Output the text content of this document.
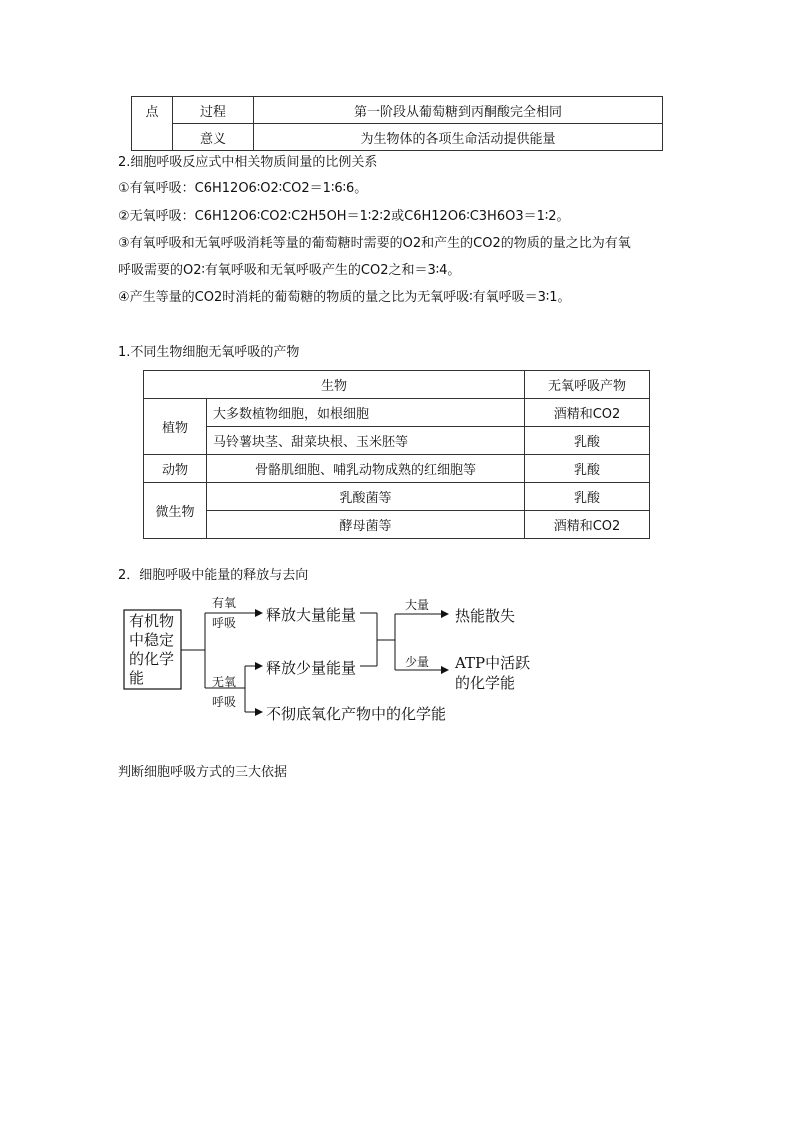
点	过程	第一阶段从葡萄糖到丙酮酸完全相同
	意义	为生物体的各项生命活动提供能量
2.细胞呼吸反应式中相关物质间量的比例关系
①有氧呼吸：C6H12O6∶O2∶CO2＝1∶6∶6。
②无氧呼吸：C6H12O6∶CO2∶C2H5OH＝1∶2∶2或C6H12O6∶C3H6O3＝1∶2。
③有氧呼吸和无氧呼吸消耗等量的葡萄糖时需要的O2和产生的CO2的物质的量之比为有氧
呼吸需要的O2∶有氧呼吸和无氧呼吸产生的CO2之和＝3∶4。
④产生等量的CO2时消耗的葡萄糖的物质的量之比为无氧呼吸∶有氧呼吸＝3∶1。
1.不同生物细胞无氧呼吸的产物
生物		无氧呼吸产物
植物	大多数植物细胞，如根细胞	酒精和CO2
	马铃薯块茎、甜菜块根、玉米胚等	乳酸
动物	骨骼肌细胞、哺乳动物成熟的红细胞等	乳酸
微生物	乳酸菌等	乳酸
	酵母菌等	酒精和CO2
2．细胞呼吸中能量的释放与去向
有机物
中稳定
的化学
能
有氧
呼吸
无氧
呼吸
释放大量能量
释放少量能量
不彻底氧化产物中的化学能
大量
少量
热能散失
ATP中活跃
的化学能
判断细胞呼吸方式的三大依据
